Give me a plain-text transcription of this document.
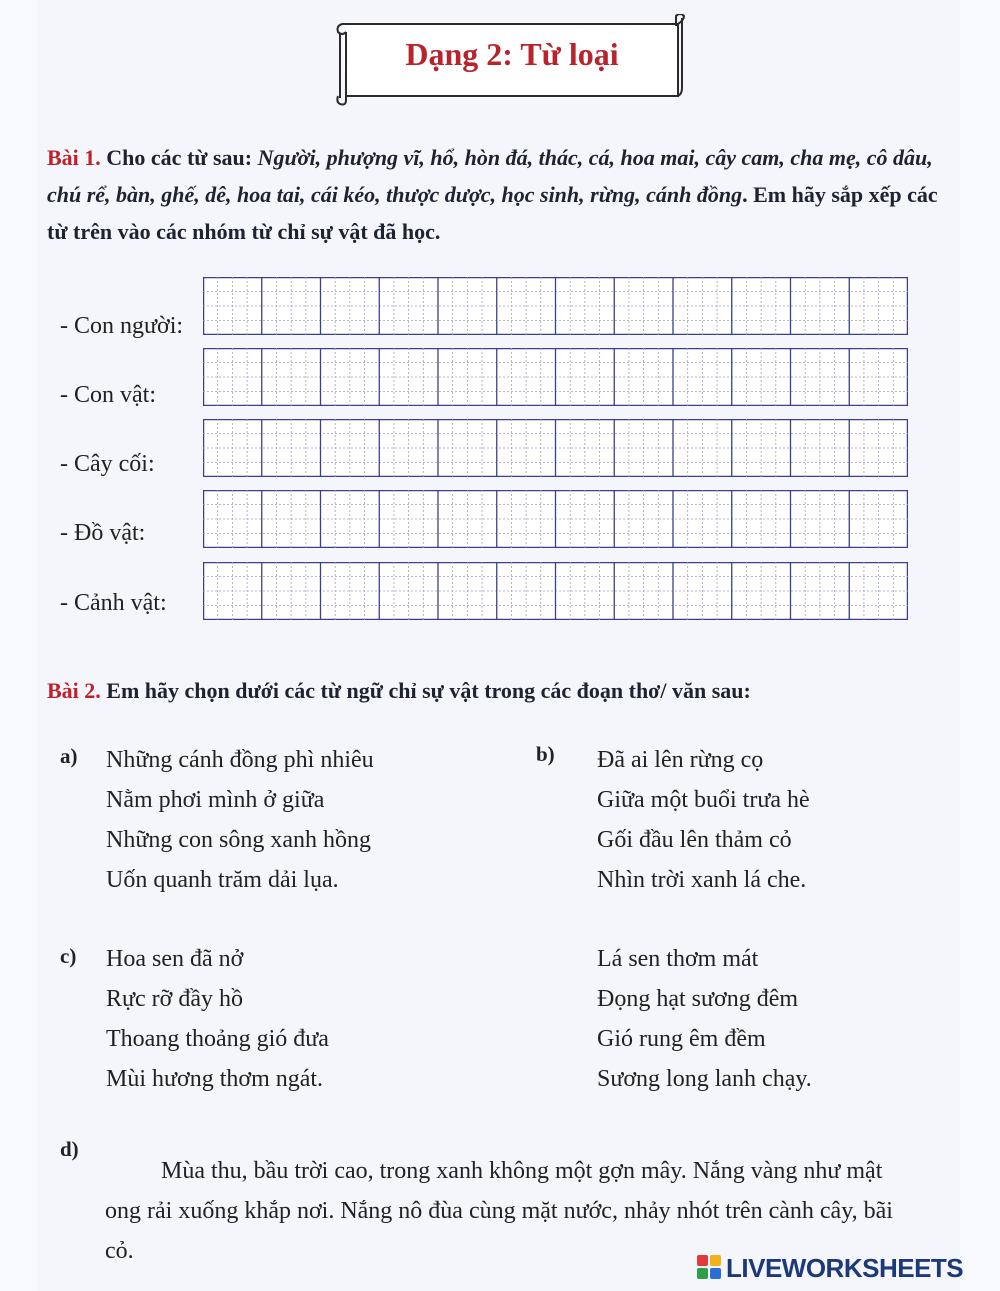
Dạng 2: Từ loại
Bài 1. Cho các từ sau: Người, phượng vĩ, hổ, hòn đá, thác, cá, hoa mai, cây cam, cha mẹ, cô dâu, chú rể, bàn, ghế, dê, hoa tai, cái kéo, thược dược, học sinh, rừng, cánh đồng. Em hãy sắp xếp các từ trên vào các nhóm từ chỉ sự vật đã học.
- Con người:
- Con vật:
- Cây cối:
- Đồ vật:
- Cảnh vật:
Bài 2. Em hãy chọn dưới các từ ngữ chỉ sự vật trong các đoạn thơ/ văn sau:
a) Những cánh đồng phì nhiêu
Nằm phơi mình ở giữa
Những con sông xanh hồng
Uốn quanh trăm dải lụa.
b) Đã ai lên rừng cọ
Giữa một buổi trưa hè
Gối đầu lên thảm cỏ
Nhìn trời xanh lá che.
c) Hoa sen đã nở
Rực rỡ đầy hồ
Thoang thoảng gió đưa
Mùi hương thơm ngát.
Lá sen thơm mát
Đọng hạt sương đêm
Gió rung êm đềm
Sương long lanh chạy.
d)
Mùa thu, bầu trời cao, trong xanh không một gợn mây. Nắng vàng như mật ong rải xuống khắp nơi. Nắng nô đùa cùng mặt nước, nhảy nhót trên cành cây, bãi cỏ.
LIVEWORKSHEETS
